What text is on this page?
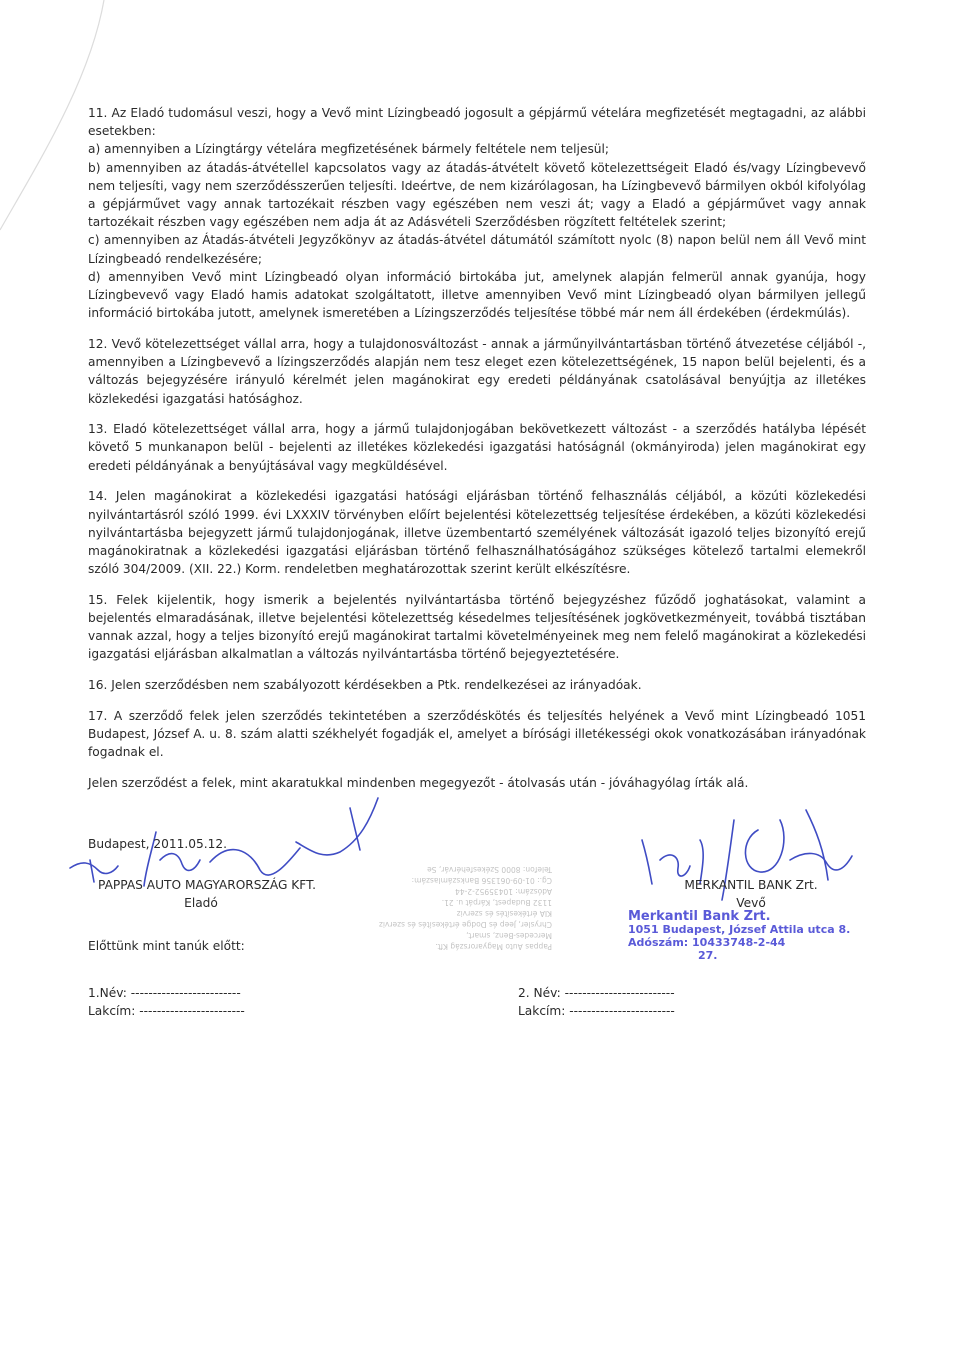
11. Az Eladó tudomásul veszi, hogy a Vevő mint Lízingbeadó jogosult a gépjármű vételára megfizetését megtagadni, az alábbi esetekben:
a) amennyiben a Lízingtárgy vételára megfizetésének bármely feltétele nem teljesül;
b) amennyiben az átadás-átvétellel kapcsolatos vagy az átadás-átvételt követő kötelezettségeit Eladó és/vagy Lízingbevevő nem teljesíti, vagy nem szerződésszerűen teljesíti. Ideértve, de nem kizárólagosan, ha Lízingbevevő bármilyen okból kifolyólag a gépjárművet vagy annak tartozékait részben vagy egészében nem veszi át; vagy a Eladó a gépjárművet vagy annak tartozékait részben vagy egészében nem adja át az Adásvételi Szerződésben rögzített feltételek szerint;
c) amennyiben az Átadás-átvételi Jegyzőkönyv az átadás-átvétel dátumától számított nyolc (8) napon belül nem áll Vevő mint Lízingbeadó rendelkezésére;
d) amennyiben Vevő mint Lízingbeadó olyan információ birtokába jut, amelynek alapján felmerül annak gyanúja, hogy Lízingbevevő vagy Eladó hamis adatokat szolgáltatott, illetve amennyiben Vevő mint Lízingbeadó olyan bármilyen jellegű információ birtokába jutott, amelynek ismeretében a Lízingszerződés teljesítése többé már nem áll érdekében (érdekmúlás).
12. Vevő kötelezettséget vállal arra, hogy a tulajdonosváltozást - annak a járműnyilvántartásban történő átvezetése céljából -, amennyiben a Lízingbevevő a lízingszerződés alapján nem tesz eleget ezen kötelezettségének, 15 napon belül bejelenti, és a változás bejegyzésére irányuló kérelmét jelen magánokirat egy eredeti példányának csatolásával benyújtja az illetékes közlekedési igazgatási hatósághoz.
13. Eladó kötelezettséget vállal arra, hogy a jármű tulajdonjogában bekövetkezett változást - a szerződés hatályba lépését követő 5 munkanapon belül - bejelenti az illetékes közlekedési igazgatási hatóságnál (okmányiroda) jelen magánokirat egy eredeti példányának a benyújtásával vagy megküldésével.
14. Jelen magánokirat a közlekedési igazgatási hatósági eljárásban történő felhasználás céljából, a közúti közlekedési nyilvántartásról szóló 1999. évi LXXXIV törvényben előírt bejelentési kötelezettség teljesítése érdekében, a közúti közlekedési nyilvántartásba bejegyzett jármű tulajdonjogának, illetve üzembentartó személyének változását igazoló teljes bizonyító erejű magánokiratnak a közlekedési igazgatási eljárásban történő felhasználhatóságához szükséges kötelező tartalmi elemekről szóló 304/2009. (XII. 22.) Korm. rendeletben meghatározottak szerint került elkészítésre.
15. Felek kijelentik, hogy ismerik a bejelentés nyilvántartásba történő bejegyzéshez fűződő joghatásokat, valamint a bejelentés elmaradásának, illetve bejelentési kötelezettség késedelmes teljesítésének jogkövetkezményeit, továbbá tisztában vannak azzal, hogy a teljes bizonyító erejű magánokirat tartalmi követelményeinek meg nem felelő magánokirat a közlekedési igazgatási eljárásban alkalmatlan a változás nyilvántartásba történő bejegyeztetésére.
16. Jelen szerződésben nem szabályozott kérdésekben a Ptk. rendelkezései az irányadóak.
17. A szerződő felek jelen szerződés tekintetében a szerződéskötés és teljesítés helyének a Vevő mint Lízingbeadó 1051 Budapest, József A. u. 8. szám alatti székhelyét fogadják el, amelyet a bírósági illetékességi okok vonatkozásában irányadónak fogadnak el.
Jelen szerződést a felek, mint akaratukkal mindenben megegyezőt - átolvasás után - jóváhagyólag írták alá.
Pappas Auto Magyarország Kft.
Mercedes-Benz, smart,
Chrysler, Jeep és Dodge értékesítés és szerviz
KIA értékesítés és szerviz
1132 Budapest, Kárpát u. 21.
Adószám: 10435952-2-44
Cg.: 01-09-061356 Bankszámlaszám:
Telefon: 8000 Székesfehérvár, Se
Budapest, 2011.05.12.
PAPPAS AUTO MAGYARORSZÁG KFT.
Eladó
MERKANTIL BANK Zrt.
Vevő
Merkantil Bank Zrt.
1051 Budapest, József Attila utca 8.
Adószám: 10433748-2-44
27.
Előttünk mint tanúk előtt:
1.Név: -------------------------
Lakcím: ------------------------
2. Név: -------------------------
Lakcím: ------------------------
